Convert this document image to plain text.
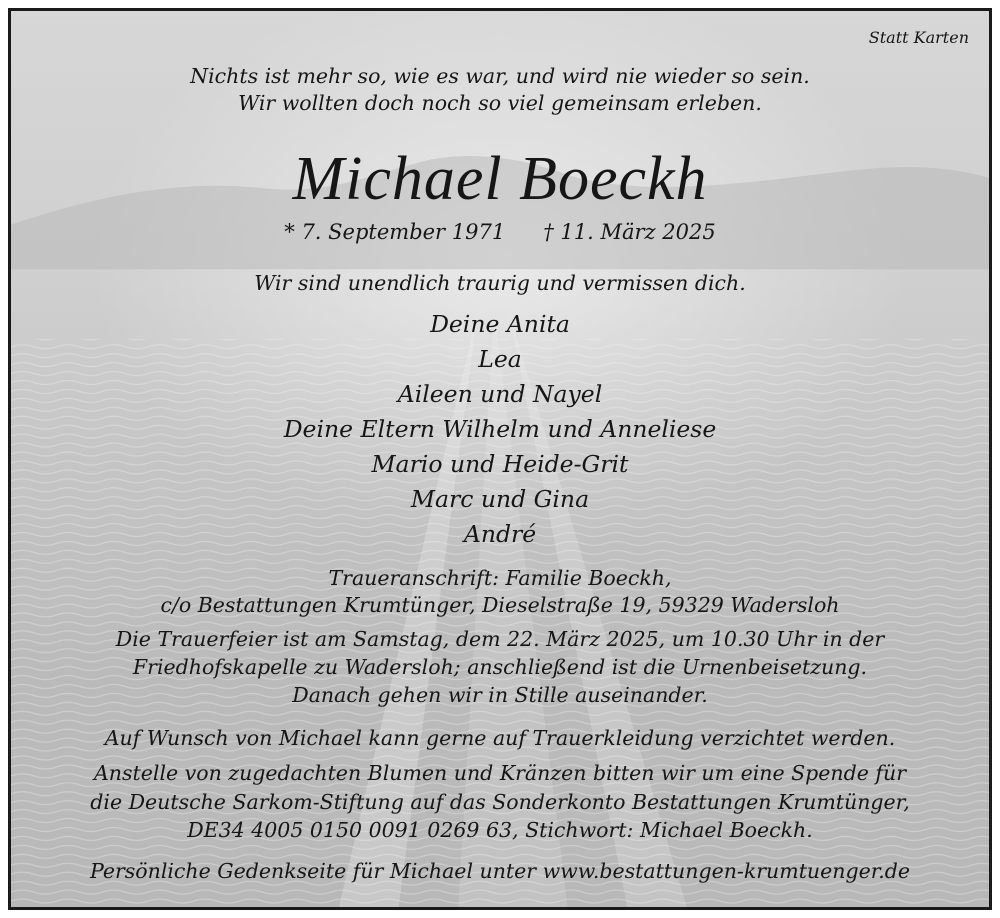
Statt Karten
Nichts ist mehr so, wie es war, und wird nie wieder so sein.
Wir wollten doch noch so viel gemeinsam erleben.
Michael Boeckh
* 7. September 1971 † 11. März 2025
Wir sind unendlich traurig und vermissen dich.
Deine Anita
Lea
Aileen und Nayel
Deine Eltern Wilhelm und Anneliese
Mario und Heide-Grit
Marc und Gina
André
Traueranschrift: Familie Boeckh,
c/o Bestattungen Krumtünger, Dieselstraße 19, 59329 Wadersloh
Die Trauerfeier ist am Samstag, dem 22. März 2025, um 10.30 Uhr in der
Friedhofskapelle zu Wadersloh; anschließend ist die Urnenbeisetzung.
Danach gehen wir in Stille auseinander.
Auf Wunsch von Michael kann gerne auf Trauerkleidung verzichtet werden.
Anstelle von zugedachten Blumen und Kränzen bitten wir um eine Spende für
die Deutsche Sarkom-Stiftung auf das Sonderkonto Bestattungen Krumtünger,
DE34 4005 0150 0091 0269 63, Stichwort: Michael Boeckh.
Persönliche Gedenkseite für Michael unter www.bestattungen-krumtuenger.de
